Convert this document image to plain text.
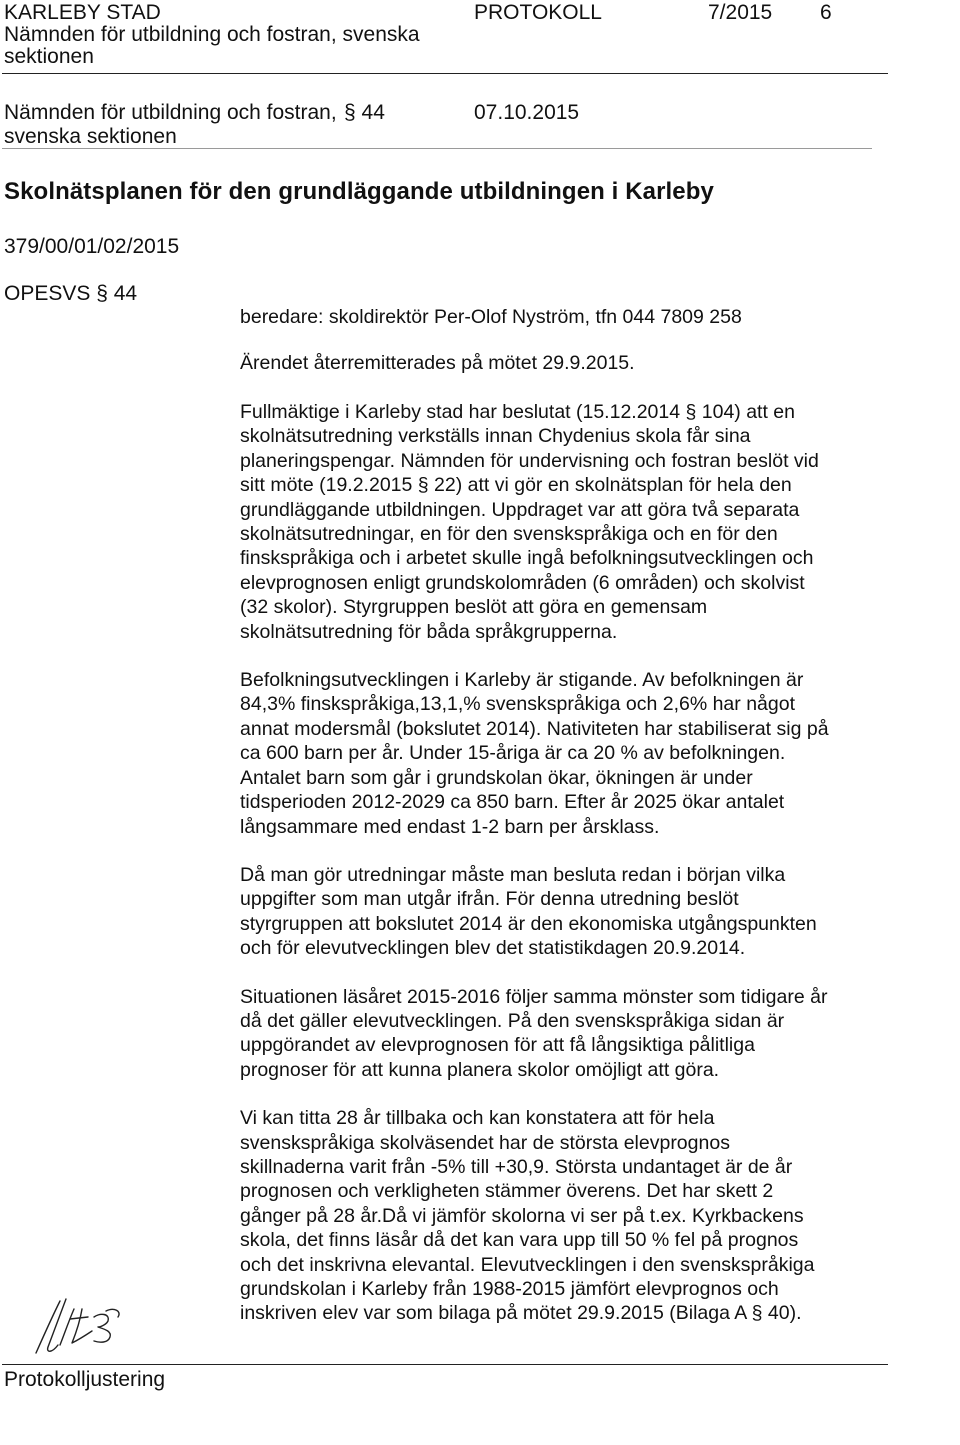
KARLEBY STAD
Nämnden för utbildning och fostran, svenska
sektionen
PROTOKOLL	7/2015 6
Nämnden för utbildning och fostran,
svenska sektionen
§ 44	07.10.2015
Skolnätsplanen för den grundläggande utbildningen i Karleby
379/00/01/02/2015
OPESVS § 44
beredare: skoldirektör Per-Olof Nyström, tfn 044 7809 258
Ärendet återremitterades på mötet 29.9.2015.
Fullmäktige i Karleby stad har beslutat (15.12.2014 § 104) att en
skolnätsutredning verkställs innan Chydenius skola får sina
planeringspengar. Nämnden för undervisning och fostran beslöt vid
sitt möte (19.2.2015 § 22) att vi gör en skolnätsplan för hela den
grundläggande utbildningen. Uppdraget var att göra två separata
skolnätsutredningar, en för den svenskspråkiga och en för den
finskspråkiga och i arbetet skulle ingå befolkningsutvecklingen och
elevprognosen enligt grundskolområden (6 områden) och skolvist
(32 skolor). Styrgruppen beslöt att göra en gemensam
skolnätsutredning för båda språkgrupperna.
Befolkningsutvecklingen i Karleby är stigande. Av befolkningen är
84,3% finskspråkiga,13,1,% svenskspråkiga och 2,6% har något
annat modersmål (bokslutet 2014). Nativiteten har stabiliserat sig på
ca 600 barn per år. Under 15-åriga är ca 20 % av befolkningen.
Antalet barn som går i grundskolan ökar, ökningen är under
tidsperioden 2012-2029 ca 850 barn. Efter år 2025 ökar antalet
långsammare med endast 1-2 barn per årsklass.
Då man gör utredningar måste man besluta redan i början vilka
uppgifter som man utgår ifrån. För denna utredning beslöt
styrgruppen att bokslutet 2014 är den ekonomiska utgångspunkten
och för elevutvecklingen blev det statistikdagen 20.9.2014.
Situationen läsåret 2015-2016 följer samma mönster som tidigare år
då det gäller elevutvecklingen. På den svenskspråkiga sidan är
uppgörandet av elevprognosen för att få långsiktiga pålitliga
prognoser för att kunna planera skolor omöjligt att göra.
Vi kan titta 28 år tillbaka och kan konstatera att för hela
svenskspråkiga skolväsendet har de största elevprognos
skillnaderna varit från -5% till +30,9. Största undantaget är de år
prognosen och verkligheten stämmer överens. Det har skett 2
gånger på 28 år.Då vi jämför skolorna vi ser på t.ex. Kyrkbackens
skola, det finns läsår då det kan vara upp till 50 % fel på prognos
och det inskrivna elevantal. Elevutvecklingen i den svenskspråkiga
grundskolan i Karleby från 1988-2015 jämfört elevprognos och
inskriven elev var som bilaga på mötet 29.9.2015 (Bilaga A § 40).
Protokolljustering
